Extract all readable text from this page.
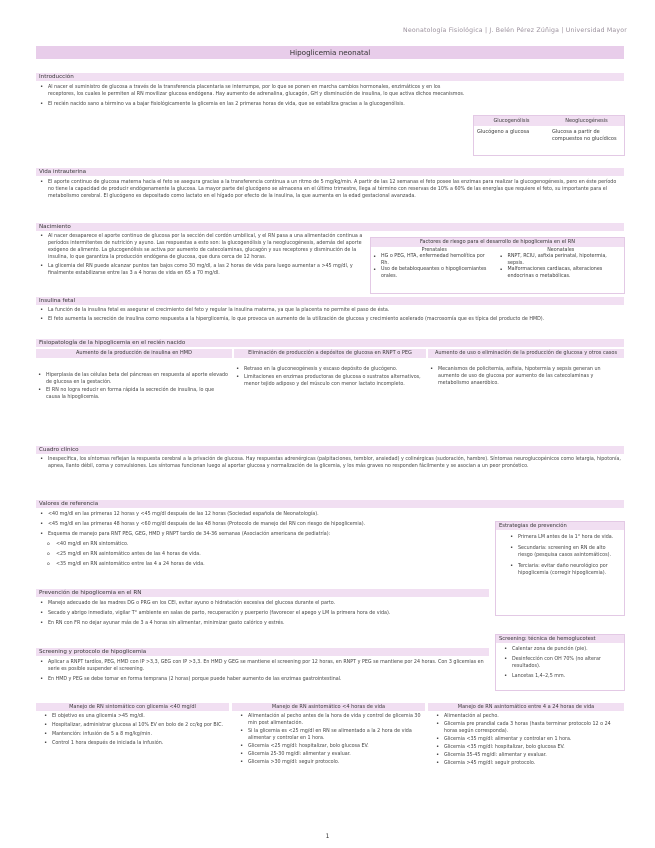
Neonatología Fisiológica | J. Belén Pérez Zúñiga | Universidad Mayor
Hipoglicemia neonatal
Introducción
• Al nacer el suministro de glucosa a través de la transferencia placentaria se interrumpe, por lo que se ponen en marcha cambios hormonales, enzimáticos y en los receptores, los cuales le permiten al RN movilizar glucosa endógena. Hay aumento de adrenalina, glucagón, GH y disminución de insulina, lo que activa dichos mecanismos.
• El recién nacido sano a término va a bajar fisiológicamente la glicemia en las 2 primeras horas de vida, que se estabiliza gracias a la glucogenólisis.
Glucogenólisis	Neoglucogénesis
Glucógeno a glucosa	Glucosa a partir de compuestos no glucídicos
Vida intrauterina
• El aporte continuo de glucosa materna hacia el feto se asegura gracias a la transferencia continua a un ritmo de 5 mg/kg/min. A partir de las 12 semanas el feto posee las enzimas para realizar la glucogenogénesis, pero en éste período no tiene la capacidad de producir endógenamente la glucosa. La mayor parte del glucógeno se almacena en el último trimestre, llega al término con reservas de 10% a 60% de las energías que requiere el feto, su importante para el metabolismo cerebral. El glucógeno es depositado como lactato en el hígado por efecto de la insulina, la que aumenta en la edad gestacional avanzada.
Nacimiento
• Al nacer desaparece el aporte continuo de glucosa por la sección del cordón umbilical, y el RN pasa a una alimentación continua a períodos intermitentes de nutrición y ayuno. Las respuestas a esto son: la glucogenólisis y la neoglucogénesis, además del aporte exógeno de alimento. La glucogenólisis se activa por aumento de catecolaminas, glucagón y sus receptores y disminución de la insulina, lo que garantiza la producción endógena de glucosa, que dura cerca de 12 horas.
• La glicemia del RN puede alcanzar puntos tan bajos como 30 mg/dl, a las 2 horas de vida para luego aumentar a >45 mg/dl, y finalmente estabilizarse entre las 3 a 4 horas de vida en 65 a 70 mg/dl.
Factores de riesgo para el desarrollo de hipoglicemia en el RN
Prenatales	Neonatales
• HG o PEG, HTA, enfermedad hemolítica por Rh.
• Uso de betabloqueantes o hipoglicemiantes orales.
• RNPT, RCIU, asfixia perinatal, hipotermia, sepsis.
• Malformaciones cardiacas, alteraciones endocrinas o metabólicas.
Insulina fetal
• La función de la insulina fetal es asegurar el crecimiento del feto y regular la insulina materna, ya que la placenta no permite el paso de ésta.
• El feto aumenta la secreción de insulina como respuesta a la hiperglicemia, lo que provoca un aumento de la utilización de glucosa y crecimiento acelerado (macrosomía que es típica del producto de HMD).
Fisiopatología de la hipoglicemia en el recién nacido
Aumento de la producción de insulina en HMD
• Hiperplasia de las células beta del páncreas en respuesta al aporte elevado de glucosa en la gestación.
• El RN no logra reducir en forma rápida la secreción de insulina, lo que causa la hipoglicemia.
Eliminación de producción a depósitos de glucosa en RNPT o PEG
• Retraso en la gluconeogénesis y escaso depósito de glucógeno.
• Limitaciones en enzimas productoras de glucosa o sustratos alternativos, menor tejido adiposo y del músculo con menor lactato incompleto.
Aumento de uso o eliminación de la producción de glucosa y otros casos
• Mecanismos de policitemia, asfixia, hipotermia y sepsis generan un aumento de uso de glucosa por aumento de las catecolaminas y metabolismo anaeróbico.
Cuadro clínico
• Inespecífica, los síntomas reflejan la respuesta cerebral a la privación de glucosa. Hay respuestas adrenérgicas (palpitaciones, temblor, ansiedad) y colinérgicas (sudoración, hambre). Síntomas neuroglucopénicos como letargia, hipotonía, apnea, llanto débil, coma y convulsiones. Los síntomas funcionan luego al aportar glucosa y normalización de la glicemia, y los más graves no responden fácilmente y se asocian a un peor pronóstico.
Valores de referencia
• <40 mg/dl en las primeras 12 horas y <45 mg/dl después de las 12 horas (Sociedad española de Neonatología).
• <45 mg/dl en las primeras 48 horas y <60 mg/dl después de las 48 horas (Protocolo de manejo del RN con riesgo de hipoglicemia).
• Esquema de manejo para RNT PEG, GEG, HMD y RNPT tardío de 34-36 semanas (Asociación americana de pediatría):
o <40 mg/dl en RN sintomático.
o <25 mg/dl en RN asintomático antes de las 4 horas de vida.
o <35 mg/dl en RN asintomático entre las 4 a 24 horas de vida.
Estrategias de prevención
• Primera LM antes de la 1° hora de vida.
• Secundaria: screening en RN de alto riesgo (pesquisa casos asintomáticos).
• Terciaria: evitar daño neurológico por hipoglicemia (corregir hipoglicemia).
Prevención de hipoglicemia en el RN
• Manejo adecuado de las madres DG o PRG en los CEI, evitar ayuno o hidratación excesiva del glucosa durante el parto.
• Secado y abrigo inmediato, vigilar T° ambiente en salas de parto, recuperación y puerperio (favorecer el apego y LM la primera hora de vida).
• En RN con FR no dejar ayunar más de 3 a 4 horas sin alimentar, minimizar gasto calórico y estrés.
Screening: técnica de hemoglucotest
• Calentar zona de punción (pie).
• Desinfección con OH 70% (no alterar resultados).
• Lancetas 1,4–2,5 mm.
Screening y protocolo de hipoglicemia
• Aplicar a RNPT tardíos, PEG, HMD con IP >3,3, GEG con IP >3,3. En HMD y GEG se mantiene el screening por 12 horas, en RNPT y PEG se mantiene por 24 horas. Con 3 glicemias en serie es posible suspender el screening.
• En HMD y PEG se debe tomar en forma temprana (2 horas) porque puede haber aumento de las enzimas gastrointestinal.
Manejo de RN sintomático con glicemia <40 mg/dl
• El objetivo es una glicemia >45 mg/dl.
• Hospitalizar, administrar glucosa al 10% EV en bolo de 2 cc/kg por BIC.
• Mantención: infusión de 5 a 8 mg/kg/min.
• Control 1 hora después de iniciada la infusión.
Manejo de RN asintomático <4 horas de vida
• Alimentación al pecho antes de la hora de vida y control de glicemia 30 min post alimentación.
• Si la glicemia es <25 mg/dl en RN se alimentado a la 2 hora de vida alimentar y controlar en 1 hora.
• Glicemia <25 mg/dl: hospitalizar, bolo glucosa EV.
• Glicemia 25-30 mg/dl: alimentar y evaluar.
• Glicemia >30 mg/dl: seguir protocolo.
Manejo de RN asintomático entre 4 a 24 horas de vida
• Alimentación al pecho.
• Glicemia pre prandial cada 3 horas (hasta terminar protocolo 12 o 24 horas según corresponda).
• Glicemia <35 mg/dl: alimentar y controlar en 1 hora.
• Glicemia <35 mg/dl: hospitalizar, bolo glucosa EV.
• Glicemia 35-45 mg/dl: alimentar y evaluar.
• Glicemia >45 mg/dl: seguir protocolo.
1
